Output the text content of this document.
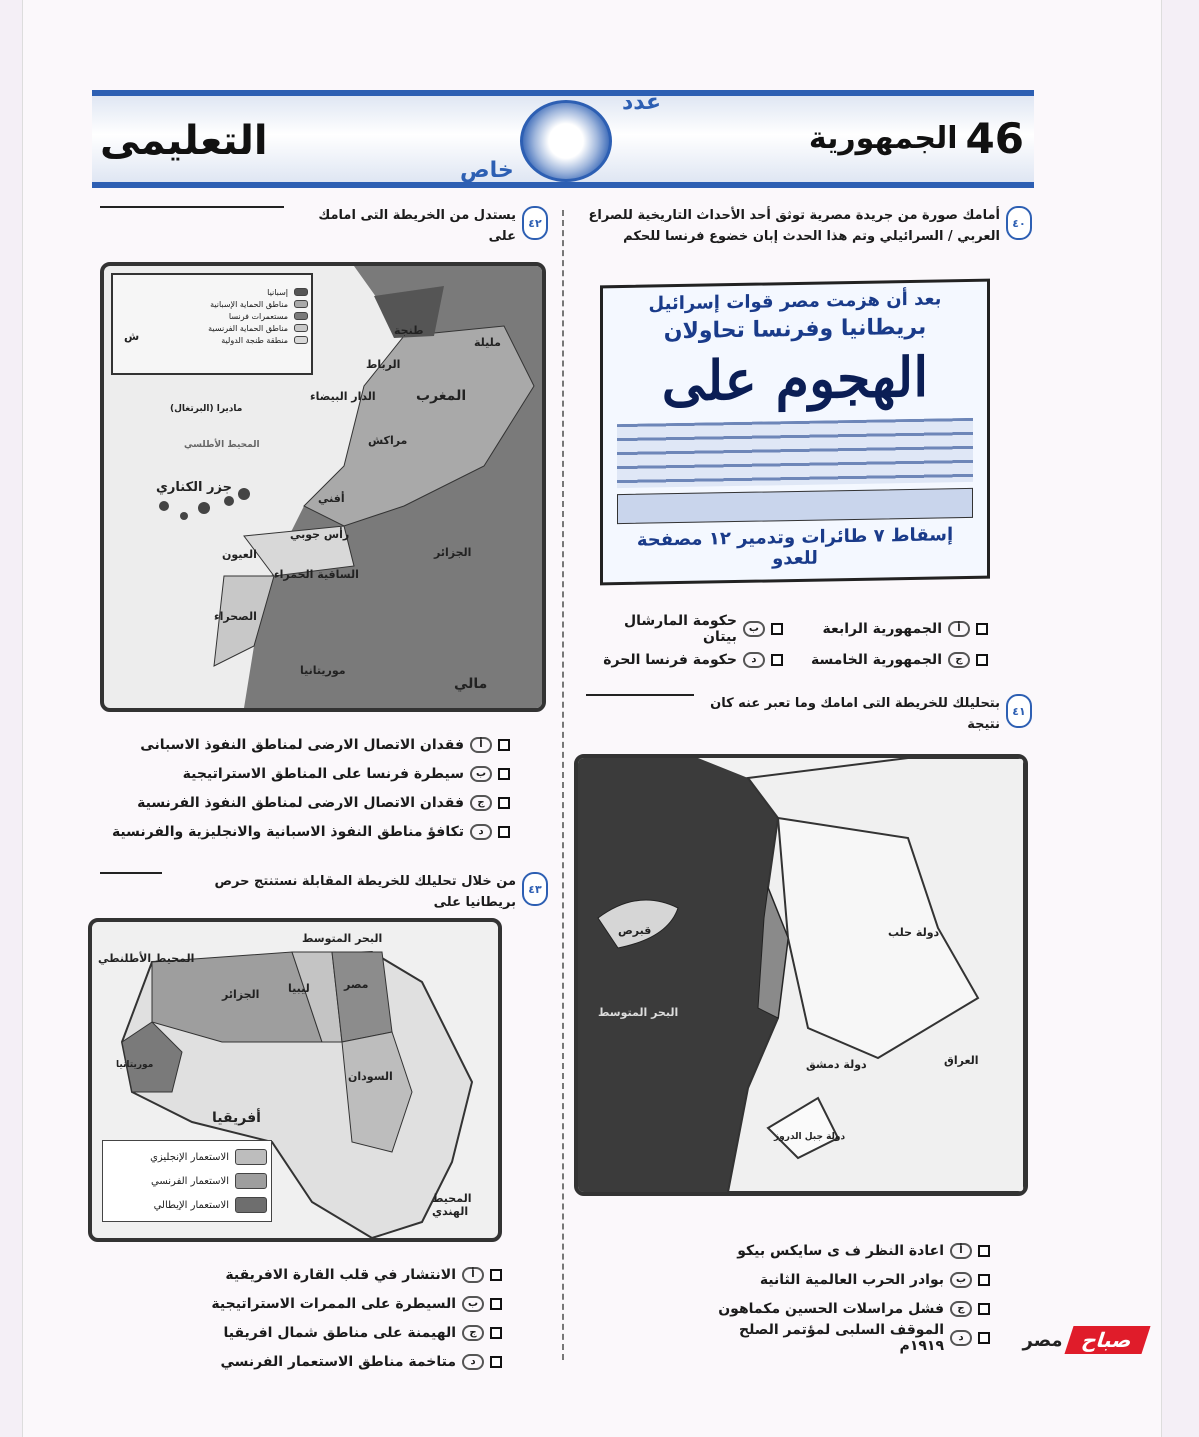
التعليمى
عدد
خاص
الجمهورية 46
٤٠
أمامك صورة من جريدة مصرية توثق أحد الأحداث التاريخية للصراع العربي / السرائيلي وتم هذا الحدث إبان خضوع فرنسا للحكم
بعد أن هزمت مصر قوات إسرائيل
بريطانيا وفرنسا تحاولان
الهجوم على
إسقاط ٧ طائرات وتدمير ١٢ مصفحة للعدو
أ
الجمهورية الرابعة
ب
حكومة المارشال بيتان
ج
الجمهورية الخامسة
د
حكومة فرنسا الحرة
٤١
بتحليلك للخريطة التى امامك وما تعبر عنه كان نتيجة
قبرص	دولة حلب
دولة دمشق	العراق
دولة جبل الدروز
البحر المتوسط
أ
اعادة النظر ف ى سايكس بيكو
ب
بوادر الحرب العالمية الثانية
ج
فشل مراسلات الحسين مكماهون
د
الموقف السلبى لمؤتمر الصلح ١٩١٩م
٤٢
يستدل من الخريطة التى امامك على
إسبانيا
مناطق الحماية الإسبانية
مستعمرات فرنسا
مناطق الحماية الفرنسية
منطقة طنجة الدولية
المغرب
الرباط
الدار البيضاء
مراكش
جزر الكناري
الساقية الحمراء
الجزائر
موريتانيا
مالي
الصحراء
طنجة
مليلة
ش
أفني
العيون
رأس جوبي
ماديرا (البرتغال)
المحيط الأطلسي
أ
فقدان الاتصال الارضى لمناطق النفوذ الاسبانى
ب
سيطرة فرنسا على المناطق الاستراتيجية
ج
فقدان الاتصال الارضى لمناطق النفوذ الفرنسية
د
تكافؤ مناطق النفوذ الاسبانية والانجليزية والفرنسية
٤٣
من خلال تحليلك للخريطة المقابلة نستنتج حرص بريطانيا على
المحيط الأطلنطي
الجزائر	ليبيا	مصر
السودان
أفريقيا
موريتانيا
المحيط الهندي
البحر المتوسط
الاستعمار الإنجليزي
الاستعمار الفرنسي
الاستعمار الإيطالي
أ
الانتشار في قلب القارة الافريقية
ب
السيطرة على الممرات الاستراتيجية
ج
الهيمنة على مناطق شمال افريقيا
د
متاخمة مناطق الاستعمار الفرنسي
صباح
مصر
